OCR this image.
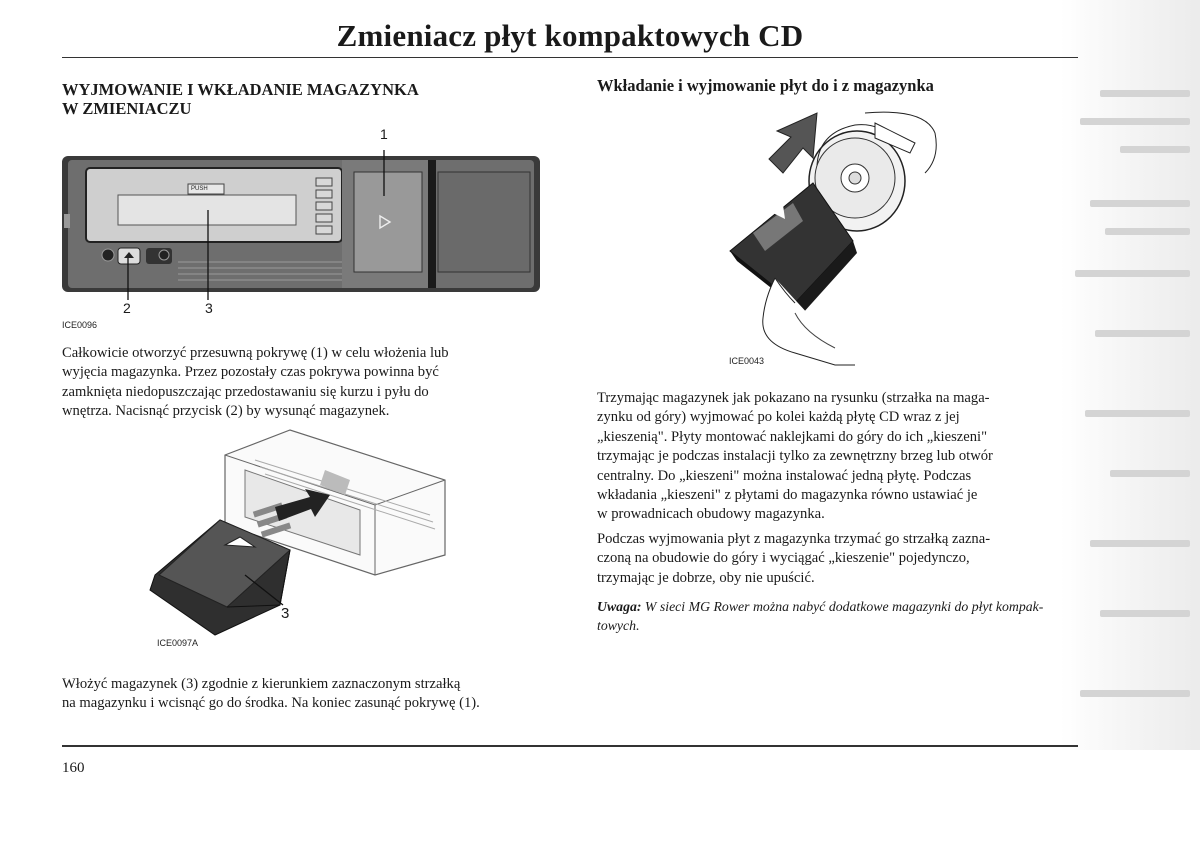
Zmieniacz płyt kompaktowych CD
WYJMOWANIE I WKŁADANIE MAGAZYNKA
W ZMIENIACZU
1
2	3
PUSH
ICE0096
Całkowicie otworzyć przesuwną pokrywę (1) w celu włożenia lub
wyjęcia magazynka. Przez pozostały czas pokrywa powinna być
zamknięta niedopuszczając przedostawaniu się kurzu i pyłu do
wnętrza. Nacisnąć przycisk (2) by wysunąć magazynek.
3
ICE0097A
Włożyć magazynek (3) zgodnie z kierunkiem zaznaczonym strzałką
na magazynku i wcisnąć go do środka. Na koniec zasunąć pokrywę (1).
Wkładanie i wyjmowanie płyt do i z magazynka
ICE0043
Trzymając magazynek jak pokazano na rysunku (strzałka na maga-
zynku od góry) wyjmować po kolei każdą płytę CD wraz z jej
„kieszenią". Płyty montować naklejkami do góry do ich „kieszeni"
trzymając je podczas instalacji tylko za zewnętrzny brzeg lub otwór
centralny. Do „kieszeni" można instalować jedną płytę. Podczas
wkładania „kieszeni" z płytami do magazynka równo ustawiać je
w prowadnicach obudowy magazynka.
Podczas wyjmowania płyt z magazynka trzymać go strzałką zazna-
czoną na obudowie do góry i wyciągać „kieszenie" pojedynczo,
trzymając je dobrze, oby nie upuścić.
Uwaga: W sieci MG Rower można nabyć dodatkowe magazynki do płyt kompak-
towych.
160
